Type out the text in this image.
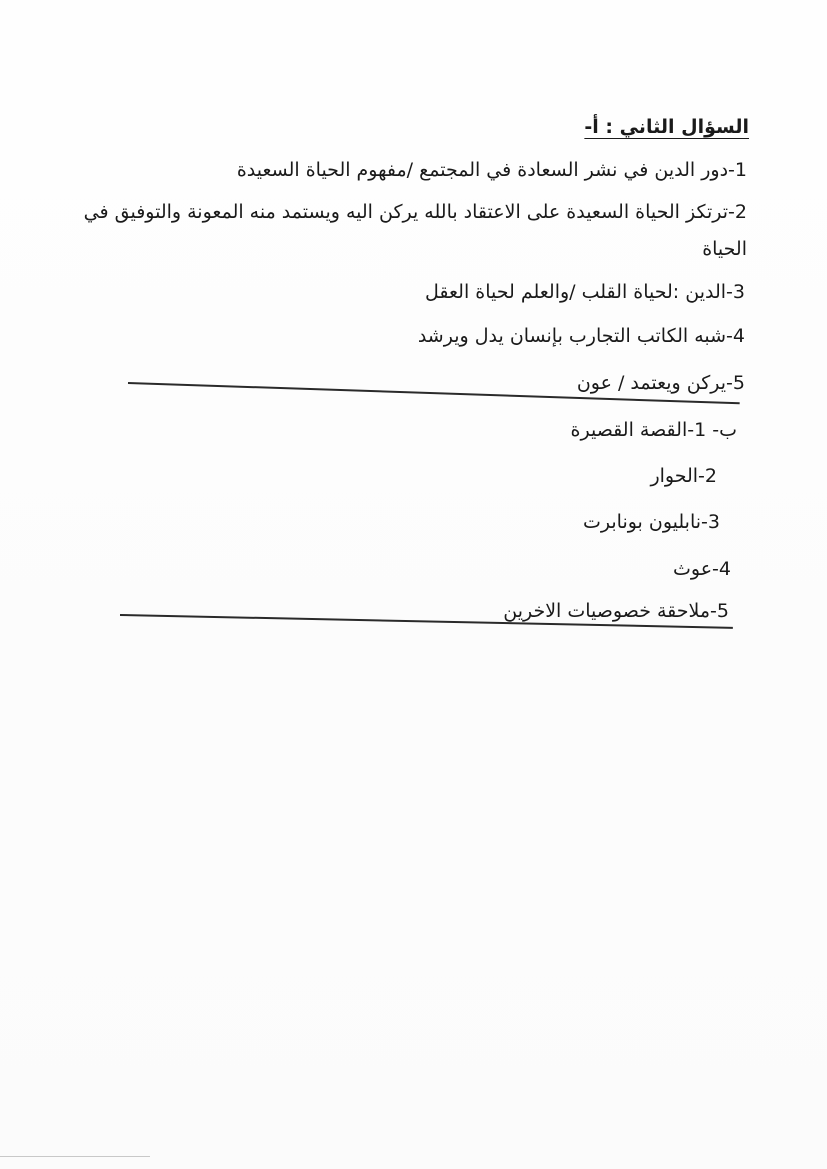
السؤال الثاني : أ-
1-دور الدين في نشر السعادة في المجتمع /مفهوم الحياة السعيدة
2-ترتكز الحياة السعيدة على الاعتقاد بالله يركن اليه ويستمد منه المعونة والتوفيق في
الحياة
3-الدين :لحياة القلب /والعلم لحياة العقل
4-شبه الكاتب التجارب بإنسان يدل ويرشد
5-يركن ويعتمد / عون
ب- 1-القصة القصيرة
2-الحوار
3-نابليون بونابرت
4-عوث
5-ملاحقة خصوصيات الاخرين
